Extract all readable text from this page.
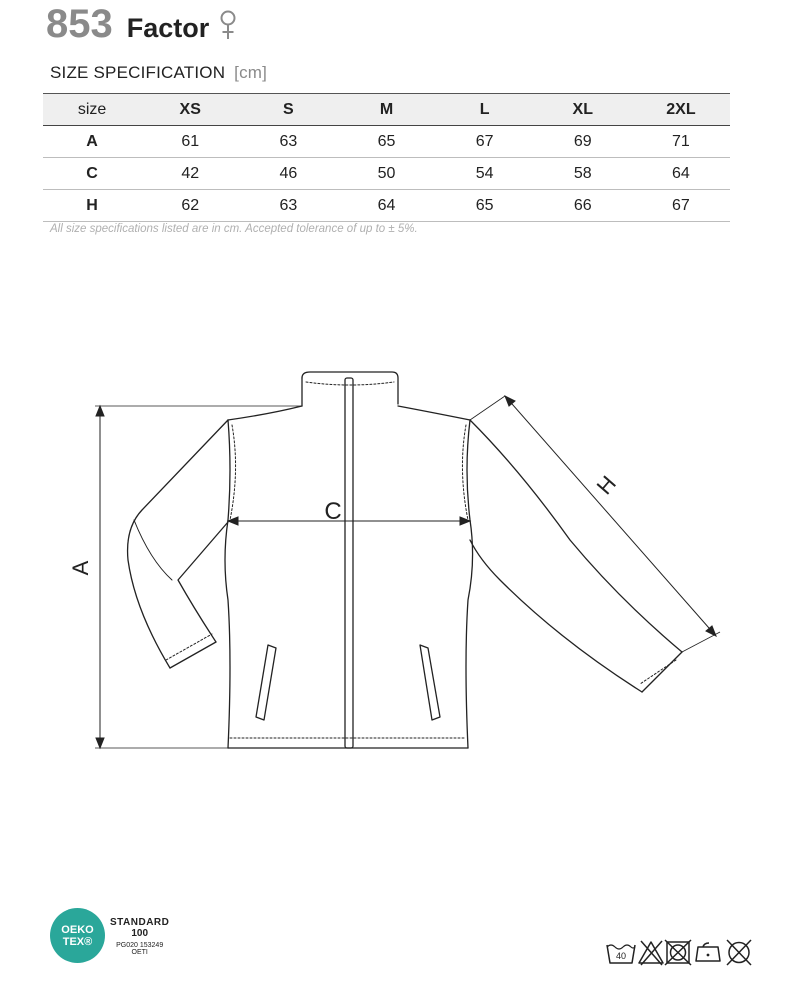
853 Factor
SIZE SPECIFICATION [cm]
size	XS	S	M	L	XL	2XL
A	61	63	65	67	69	71
C	42	46	50	54	58	64
H	62	63	64	65	66	67
All size specifications listed are in cm. Accepted tolerance of up to ± 5%.
A
C
H
OEKO
TEX®
STANDARD
100
PG020 153249
OETI	40
